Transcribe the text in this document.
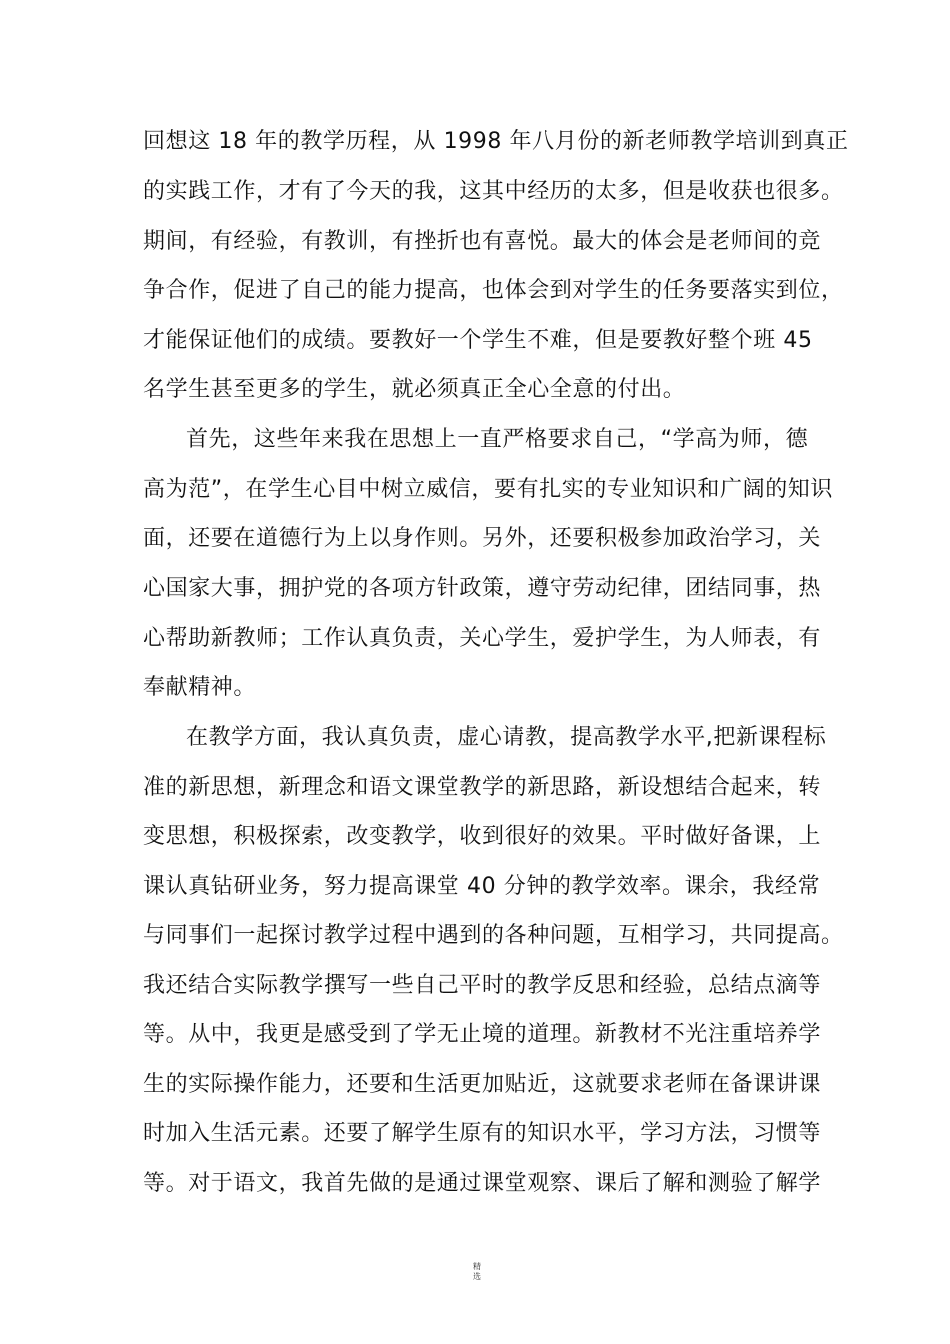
回想这 18 年的教学历程，从 1998 年八月份的新老师教学培训到真正
的实践工作，才有了今天的我，这其中经历的太多，但是收获也很多。
期间，有经验，有教训，有挫折也有喜悦。最大的体会是老师间的竞
争合作，促进了自己的能力提高，也体会到对学生的任务要落实到位，
才能保证他们的成绩。要教好一个学生不难，但是要教好整个班 45
名学生甚至更多的学生，就必须真正全心全意的付出。
首先，这些年来我在思想上一直严格要求自己，“学高为师，德
高为范”，在学生心目中树立威信，要有扎实的专业知识和广阔的知识
面，还要在道德行为上以身作则。另外，还要积极参加政治学习，关
心国家大事，拥护党的各项方针政策，遵守劳动纪律，团结同事，热
心帮助新教师；工作认真负责，关心学生，爱护学生，为人师表，有
奉献精神。
在教学方面，我认真负责，虚心请教，提高教学水平,把新课程标
准的新思想，新理念和语文课堂教学的新思路，新设想结合起来，转
变思想，积极探索，改变教学，收到很好的效果。平时做好备课，上
课认真钻研业务，努力提高课堂 40 分钟的教学效率。课余，我经常
与同事们一起探讨教学过程中遇到的各种问题，互相学习，共同提高。
我还结合实际教学撰写一些自己平时的教学反思和经验，总结点滴等
等。从中，我更是感受到了学无止境的道理。新教材不光注重培养学
生的实际操作能力，还要和生活更加贴近，这就要求老师在备课讲课
时加入生活元素。还要了解学生原有的知识水平，学习方法，习惯等
等。对于语文，我首先做的是通过课堂观察、课后了解和测验了解学
精
选
